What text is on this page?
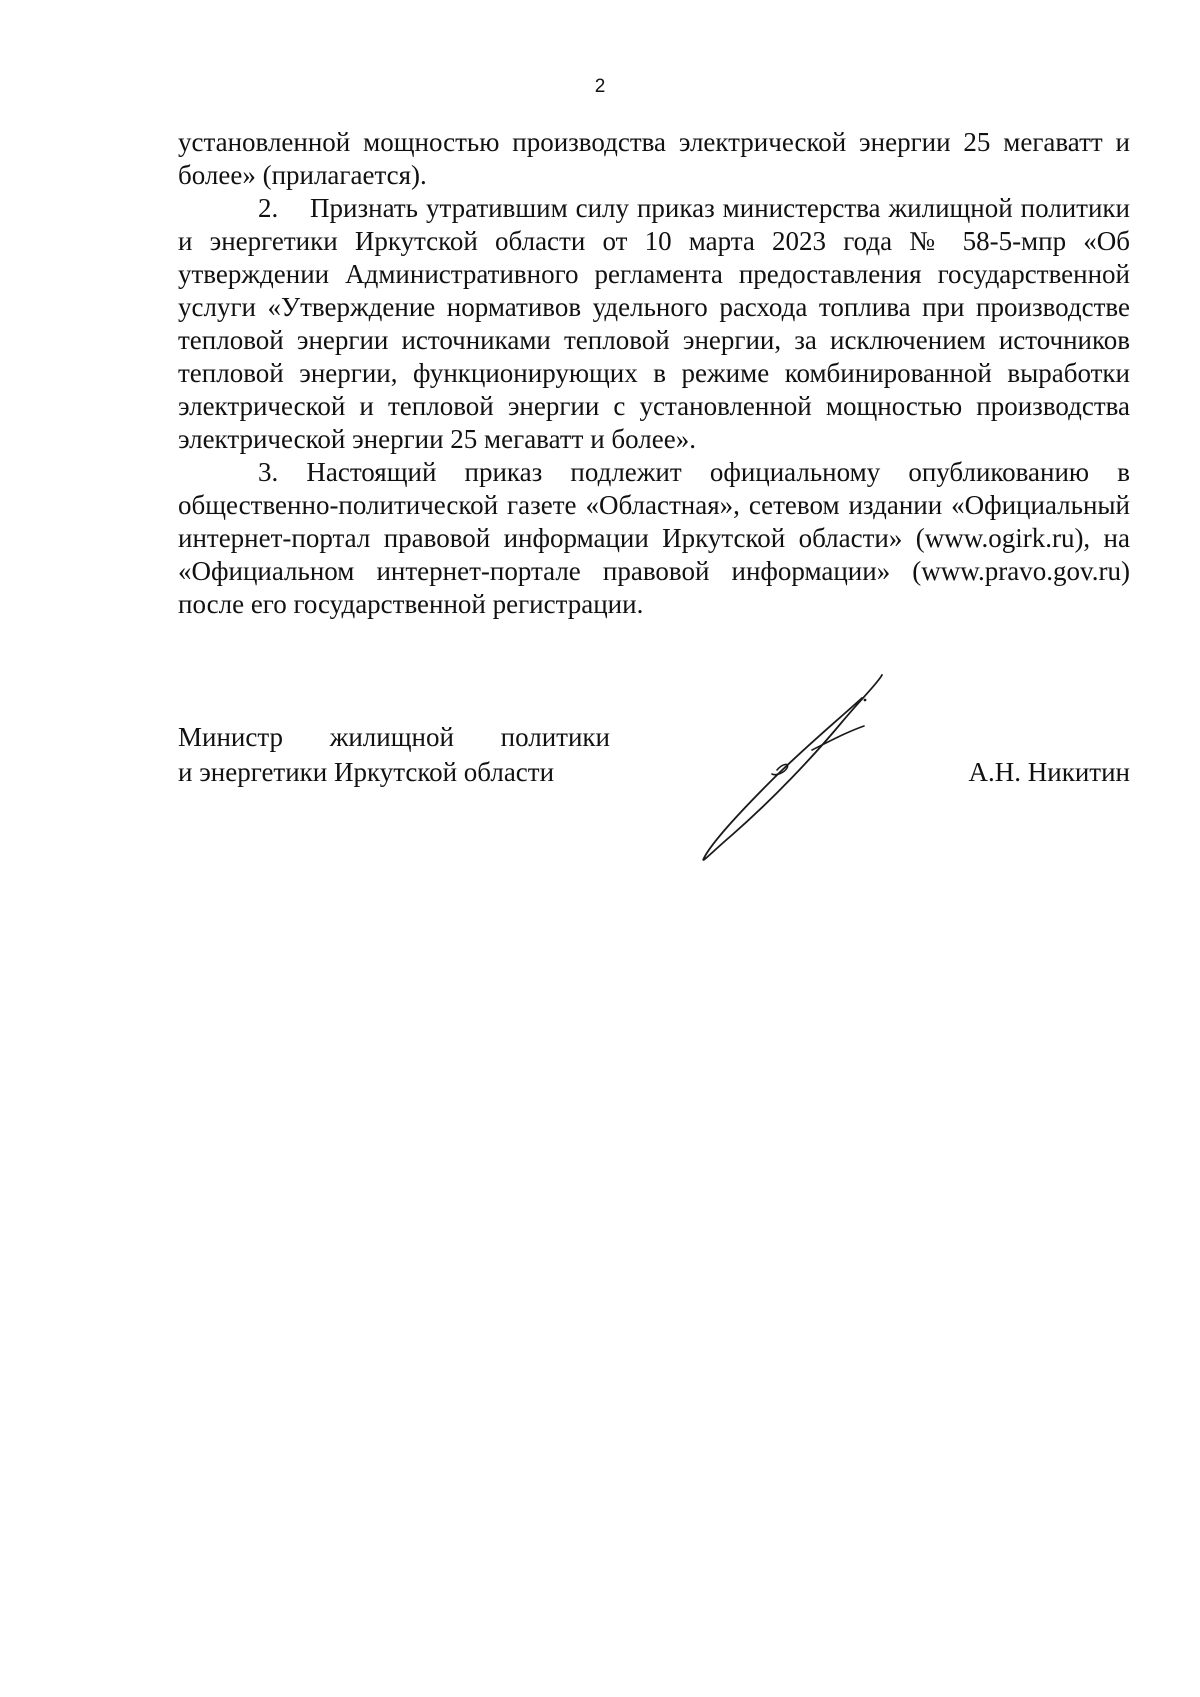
2

установленной мощностью производства электрической энергии 25 мегаватт и более» (прилагается).

2.    Признать утратившим силу приказ министерства жилищной политики и энергетики Иркутской области от 10 марта 2023 года № 58-5-мпр «Об утверждении Административного регламента предоставления государственной услуги «Утверждение нормативов удельного расхода топлива при производстве тепловой энергии источниками тепловой энергии, за исключением источников тепловой энергии, функционирующих в режиме комбинированной выработки электрической и тепловой энергии с установленной мощностью производства электрической энергии 25 мегаватт и более».

3. Настоящий приказ подлежит официальному опубликованию в общественно-политической газете «Областная», сетевом издании «Официальный интернет-портал правовой информации Иркутской области» (www.ogirk.ru), на «Официальном интернет-портале правовой информации» (www.pravo.gov.ru) после его государственной регистрации.

Министр жилищной политики
и энергетики Иркутской области	А.Н. Никитин
